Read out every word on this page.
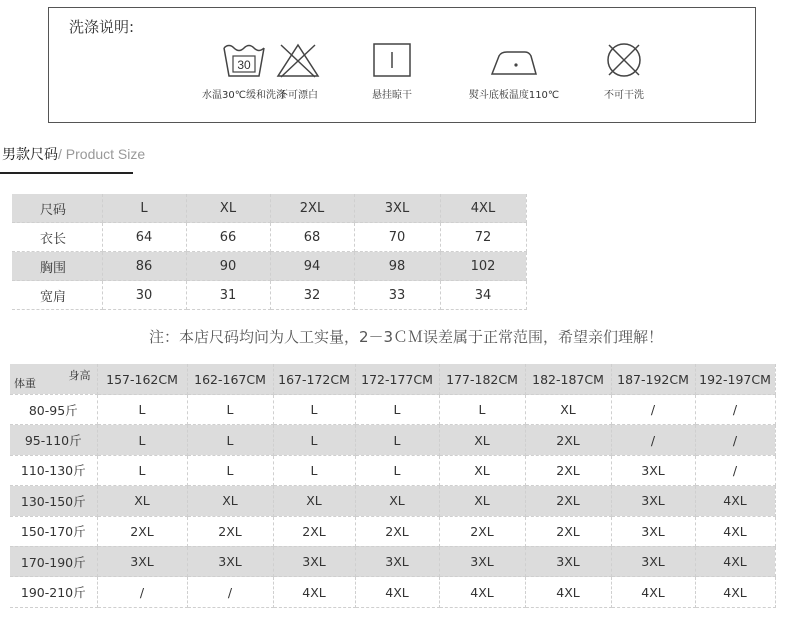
洗涤说明:
30
水温30℃缓和洗涤
不可漂白	悬挂晾干	熨斗底板温度110℃	不可干洗
男款尺码/ Product Size
尺码	L	XL	2XL	3XL	4XL
衣长	64	66	68	70	72
胸围	86	90	94	98	102
宽肩	30	31	32	33	34
注：本店尺码均问为人工实量，2－3ＣＭ误差属于正常范围，希望亲们理解！
身高
体重	157-162CM	162-167CM	167-172CM	172-177CM	177-182CM	182-187CM	187-192CM	192-197CM
80-95斤	L	L	L	L	L	XL	/	/
95-110斤	L	L	L	L	XL	2XL	/	/
110-130斤	L	L	L	L	XL	2XL	3XL	/
130-150斤	XL	XL	XL	XL	XL	2XL	3XL	4XL
150-170斤	2XL	2XL	2XL	2XL	2XL	2XL	3XL	4XL
170-190斤	3XL	3XL	3XL	3XL	3XL	3XL	3XL	4XL
190-210斤	/	/	4XL	4XL	4XL	4XL	4XL	4XL
